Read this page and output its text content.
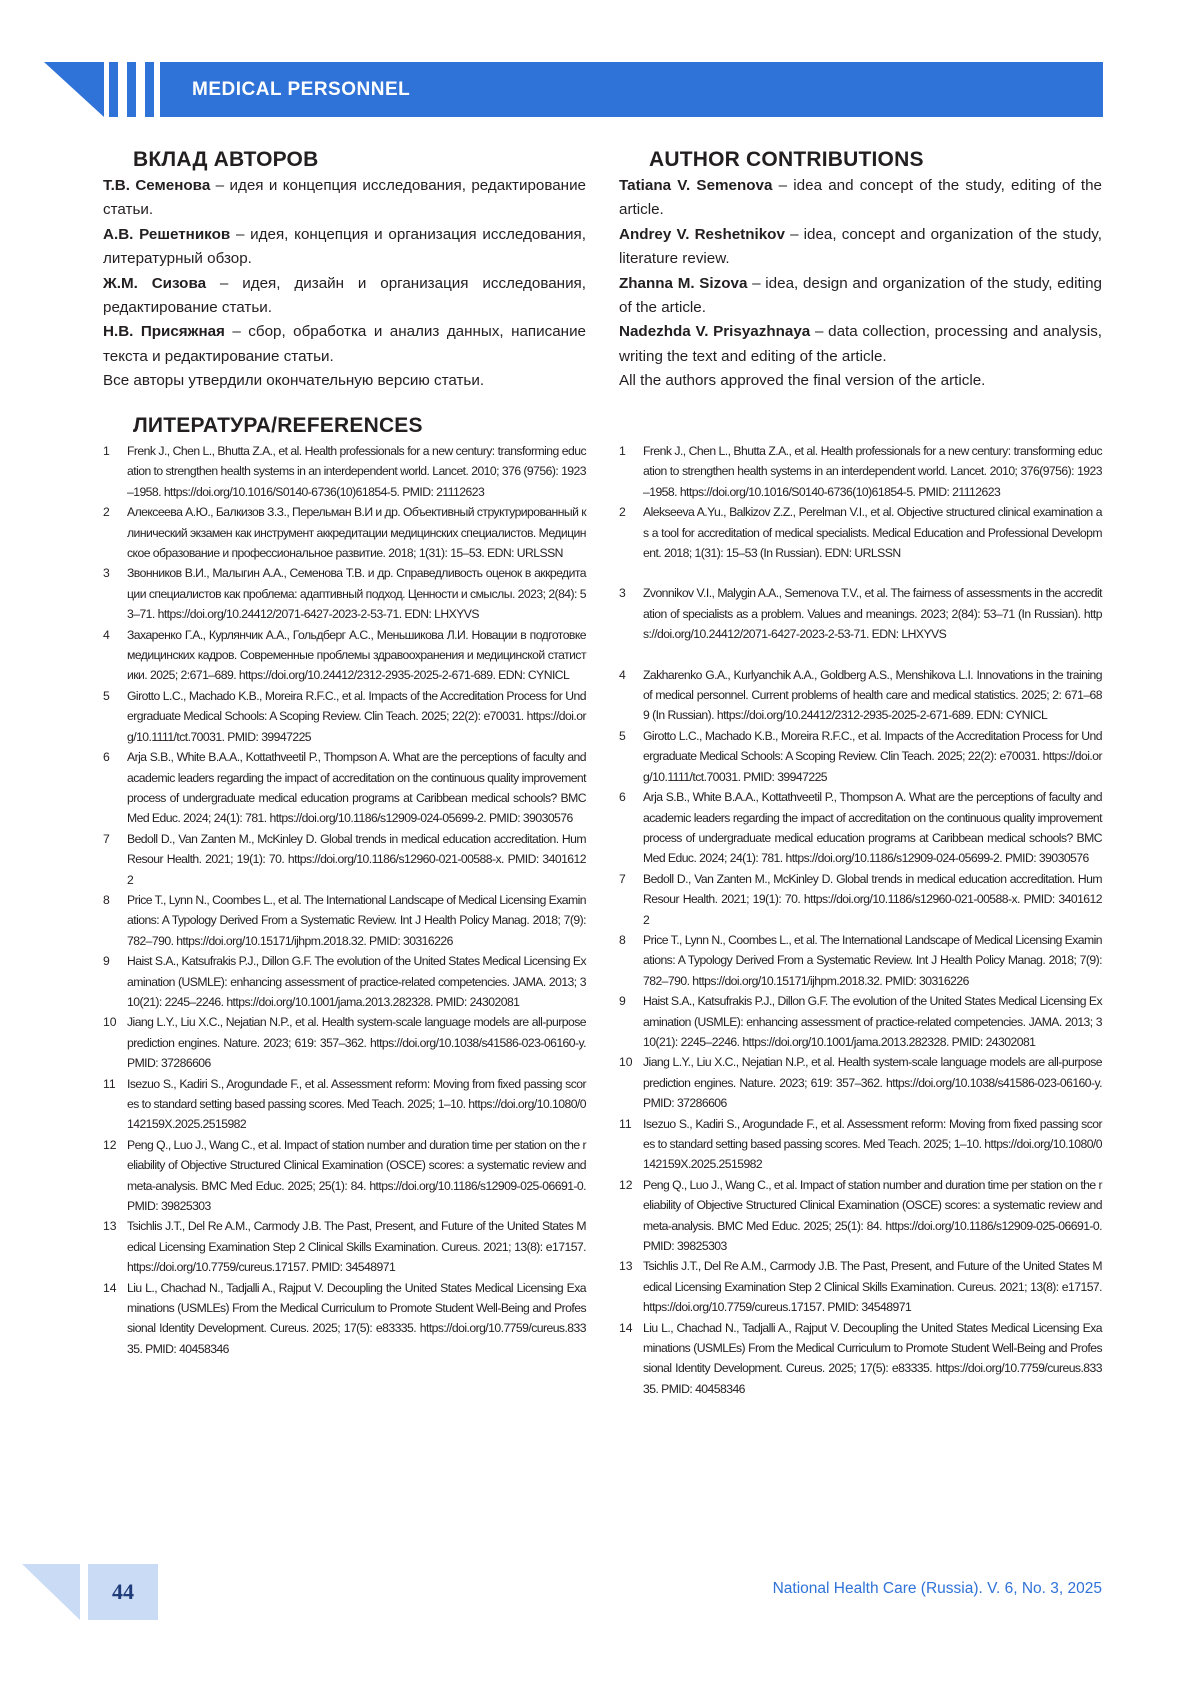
MEDICAL PERSONNEL
ВКЛАД АВТОРОВ

Т.В. Семенова – идея и концепция исследования, редактирование статьи.

А.В. Решетников – идея, концепция и организация исследования, литературный обзор.

Ж.М. Сизова – идея, дизайн и организация исследования, редактирование статьи.

Н.В. Присяжная – сбор, обработка и анализ данных, написание текста и редактирование статьи.

Все авторы утвердили окончательную версию статьи.

AUTHOR CONTRIBUTIONS

Tatiana V. Semenova – idea and concept of the study, editing of the article.

Andrey V. Reshetnikov – idea, concept and organization of the study, literature review.

Zhanna M. Sizova – idea, design and organization of the study, editing of the article.

Nadezhda V. Prisyazhnaya – data collection, processing and analysis, writing the text and editing of the article.

All the authors approved the final version of the article.

ЛИТЕРАТУРА/REFERENCES
1 Frenk J., Chen L., Bhutta Z.A., et al. Health professionals for a new century: transforming education to strengthen health systems in an interdependent world. Lancet. 2010; 376 (9756): 1923–1958. https://doi.org/10.1016/S0140-6736(10)61854-5. PMID: 21112623
2 Алексеева А.Ю., Балкизов З.З., Перельман В.И и др. Объективный структурированный клинический экзамен как инструмент аккредитации медицинских специалистов. Медицинское образование и профессиональное развитие. 2018; 1(31): 15–53. EDN: URLSSN
3 Звонников В.И., Малыгин А.А., Семенова Т.В. и др. Справедливость оценок в аккредитации специалистов как проблема: адаптивный подход. Ценности и смыслы. 2023; 2(84): 53–71. https://doi.org/10.24412/2071-6427-2023-2-53-71. EDN: LHXYVS
4 Захаренко Г.А., Курлянчик А.А., Гольдберг А.С., Меньшикова Л.И. Новации в подготовке медицинских кадров. Современные проблемы здравоохранения и медицинской статистики. 2025; 2:671–689. https://doi.org/10.24412/2312-2935-2025-2-671-689. EDN: CYNICL
5 Girotto L.C., Machado K.B., Moreira R.F.C., et al. Impacts of the Accreditation Process for Undergraduate Medical Schools: A Scoping Review. Clin Teach. 2025; 22(2): e70031. https://doi.org/10.1111/tct.70031. PMID: 39947225
6 Arja S.B., White B.A.A., Kottathveetil P., Thompson A. What are the perceptions of faculty and academic leaders regarding the impact of accreditation on the continuous quality improvement process of undergraduate medical education programs at Caribbean medical schools? BMC Med Educ. 2024; 24(1): 781. https://doi.org/10.1186/s12909-024-05699-2. PMID: 39030576
7 Bedoll D., Van Zanten M., McKinley D. Global trends in medical education accreditation. Hum Resour Health. 2021; 19(1): 70. https://doi.org/10.1186/s12960-021-00588-x. PMID: 34016122
8 Price T., Lynn N., Coombes L., et al. The International Landscape of Medical Licensing Examinations: A Typology Derived From a Systematic Review. Int J Health Policy Manag. 2018; 7(9): 782–790. https://doi.org/10.15171/ijhpm.2018.32. PMID: 30316226
9 Haist S.A., Katsufrakis P.J., Dillon G.F. The evolution of the United States Medical Licensing Examination (USMLE): enhancing assessment of practice-related competencies. JAMA. 2013; 310(21): 2245–2246. https://doi.org/10.1001/jama.2013.282328. PMID: 24302081
10 Jiang L.Y., Liu X.C., Nejatian N.P., et al. Health system-scale language models are all-purpose prediction engines. Nature. 2023; 619: 357–362. https://doi.org/10.1038/s41586-023-06160-y. PMID: 37286606
11 Isezuo S., Kadiri S., Arogundade F., et al. Assessment reform: Moving from fixed passing scores to standard setting based passing scores. Med Teach. 2025; 1–10. https://doi.org/10.1080/0142159X.2025.2515982
12 Peng Q., Luo J., Wang C., et al. Impact of station number and duration time per station on the reliability of Objective Structured Clinical Examination (OSCE) scores: a systematic review and meta-analysis. BMC Med Educ. 2025; 25(1): 84. https://doi.org/10.1186/s12909-025-06691-0. PMID: 39825303
13 Tsichlis J.T., Del Re A.M., Carmody J.B. The Past, Present, and Future of the United States Medical Licensing Examination Step 2 Clinical Skills Examination. Cureus. 2021; 13(8): e17157. https://doi.org/10.7759/cureus.17157. PMID: 34548971
14 Liu L., Chachad N., Tadjalli A., Rajput V. Decoupling the United States Medical Licensing Examinations (USMLEs) From the Medical Curriculum to Promote Student Well-Being and Professional Identity Development. Cureus. 2025; 17(5): e83335. https://doi.org/10.7759/cureus.83335. PMID: 40458346
1 Frenk J., Chen L., Bhutta Z.A., et al. Health professionals for a new century: transforming education to strengthen health systems in an interdependent world. Lancet. 2010; 376(9756): 1923–1958. https://doi.org/10.1016/S0140-6736(10)61854-5. PMID: 21112623
2 Alekseeva A.Yu., Balkizov Z.Z., Perelman V.I., et al. Objective structured clinical examination as a tool for accreditation of medical specialists. Medical Education and Professional Development. 2018; 1(31): 15–53 (In Russian). EDN: URLSSN
3 Zvonnikov V.I., Malygin A.A., Semenova T.V., et al. The fairness of assessments in the accreditation of specialists as a problem. Values and meanings. 2023; 2(84): 53–71 (In Russian). https://doi.org/10.24412/2071-6427-2023-2-53-71. EDN: LHXYVS
4 Zakharenko G.A., Kurlyanchik A.A., Goldberg A.S., Menshikova L.I. Innovations in the training of medical personnel. Current problems of health care and medical statistics. 2025; 2: 671–689 (In Russian). https://doi.org/10.24412/2312-2935-2025-2-671-689. EDN: CYNICL
5 Girotto L.C., Machado K.B., Moreira R.F.C., et al. Impacts of the Accreditation Process for Undergraduate Medical Schools: A Scoping Review. Clin Teach. 2025; 22(2): e70031. https://doi.org/10.1111/tct.70031. PMID: 39947225
6 Arja S.B., White B.A.A., Kottathveetil P., Thompson A. What are the perceptions of faculty and academic leaders regarding the impact of accreditation on the continuous quality improvement process of undergraduate medical education programs at Caribbean medical schools? BMC Med Educ. 2024; 24(1): 781. https://doi.org/10.1186/s12909-024-05699-2. PMID: 39030576
7 Bedoll D., Van Zanten M., McKinley D. Global trends in medical education accreditation. Hum Resour Health. 2021; 19(1): 70. https://doi.org/10.1186/s12960-021-00588-x. PMID: 34016122
8 Price T., Lynn N., Coombes L., et al. The International Landscape of Medical Licensing Examinations: A Typology Derived From a Systematic Review. Int J Health Policy Manag. 2018; 7(9): 782–790. https://doi.org/10.15171/ijhpm.2018.32. PMID: 30316226
9 Haist S.A., Katsufrakis P.J., Dillon G.F. The evolution of the United States Medical Licensing Examination (USMLE): enhancing assessment of practice-related competencies. JAMA. 2013; 310(21): 2245–2246. https://doi.org/10.1001/jama.2013.282328. PMID: 24302081
10 Jiang L.Y., Liu X.C., Nejatian N.P., et al. Health system-scale language models are all-purpose prediction engines. Nature. 2023; 619: 357–362. https://doi.org/10.1038/s41586-023-06160-y. PMID: 37286606
11 Isezuo S., Kadiri S., Arogundade F., et al. Assessment reform: Moving from fixed passing scores to standard setting based passing scores. Med Teach. 2025; 1–10. https://doi.org/10.1080/0142159X.2025.2515982
12 Peng Q., Luo J., Wang C., et al. Impact of station number and duration time per station on the reliability of Objective Structured Clinical Examination (OSCE) scores: a systematic review and meta-analysis. BMC Med Educ. 2025; 25(1): 84. https://doi.org/10.1186/s12909-025-06691-0. PMID: 39825303
13 Tsichlis J.T., Del Re A.M., Carmody J.B. The Past, Present, and Future of the United States Medical Licensing Examination Step 2 Clinical Skills Examination. Cureus. 2021; 13(8): e17157. https://doi.org/10.7759/cureus.17157. PMID: 34548971
14 Liu L., Chachad N., Tadjalli A., Rajput V. Decoupling the United States Medical Licensing Examinations (USMLEs) From the Medical Curriculum to Promote Student Well-Being and Professional Identity Development. Cureus. 2025; 17(5): e83335. https://doi.org/10.7759/cureus.83335. PMID: 40458346
44	National Health Care (Russia). V. 6, No. 3, 2025
